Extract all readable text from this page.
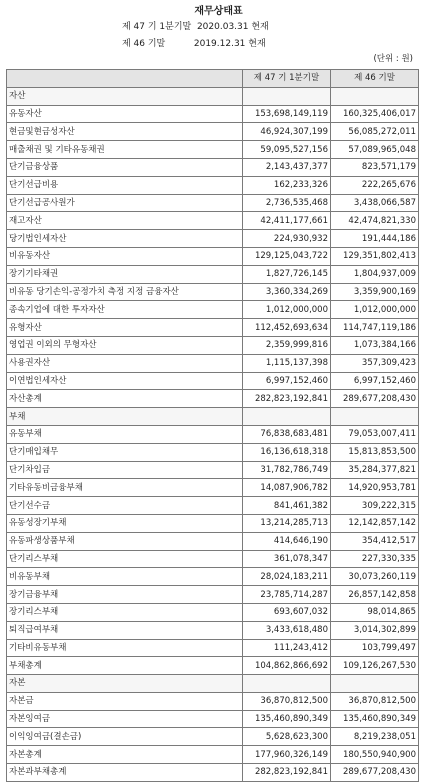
재무상태표
제 47 기 1분기말  2020.03.31 현재
제 46 기말          2019.12.31 현재
(단위 : 원)
	제 47 기 1분기말	제 46 기말
자산		
유동자산	153,698,149,119	160,325,406,017
현금및현금성자산	46,924,307,199	56,085,272,011
매출채권 및 기타유동채권	59,095,527,156	57,089,965,048
단기금융상품	2,143,437,377	823,571,179
단기선급비용	162,233,326	222,265,676
단기선급공사원가	2,736,535,468	3,438,066,587
재고자산	42,411,177,661	42,474,821,330
당기법인세자산	224,930,932	191,444,186
비유동자산	129,125,043,722	129,351,802,413
장기기타채권	1,827,726,145	1,804,937,009
비유동 당기손익-공정가치 측정 지정 금융자산	3,360,334,269	3,359,900,169
종속기업에 대한 투자자산	1,012,000,000	1,012,000,000
유형자산	112,452,693,634	114,747,119,186
영업권 이외의 무형자산	2,359,999,816	1,073,384,166
사용권자산	1,115,137,398	357,309,423
이연법인세자산	6,997,152,460	6,997,152,460
자산총계	282,823,192,841	289,677,208,430
부채		
유동부채	76,838,683,481	79,053,007,411
단기매입채무	16,136,618,318	15,813,853,500
단기차입금	31,782,786,749	35,284,377,821
기타유동비금융부채	14,087,906,782	14,920,953,781
단기선수금	841,461,382	309,222,315
유동성장기부채	13,214,285,713	12,142,857,142
유동파생상품부채	414,646,190	354,412,517
단기리스부채	361,078,347	227,330,335
비유동부채	28,024,183,211	30,073,260,119
장기금융부채	23,785,714,287	26,857,142,858
장기리스부채	693,607,032	98,014,865
퇴직급여부채	3,433,618,480	3,014,302,899
기타비유동부채	111,243,412	103,799,497
부채총계	104,862,866,692	109,126,267,530
자본		
자본금	36,870,812,500	36,870,812,500
자본잉여금	135,460,890,349	135,460,890,349
이익잉여금(결손금)	5,628,623,300	8,219,238,051
자본총계	177,960,326,149	180,550,940,900
자본과부채총계	282,823,192,841	289,677,208,430
